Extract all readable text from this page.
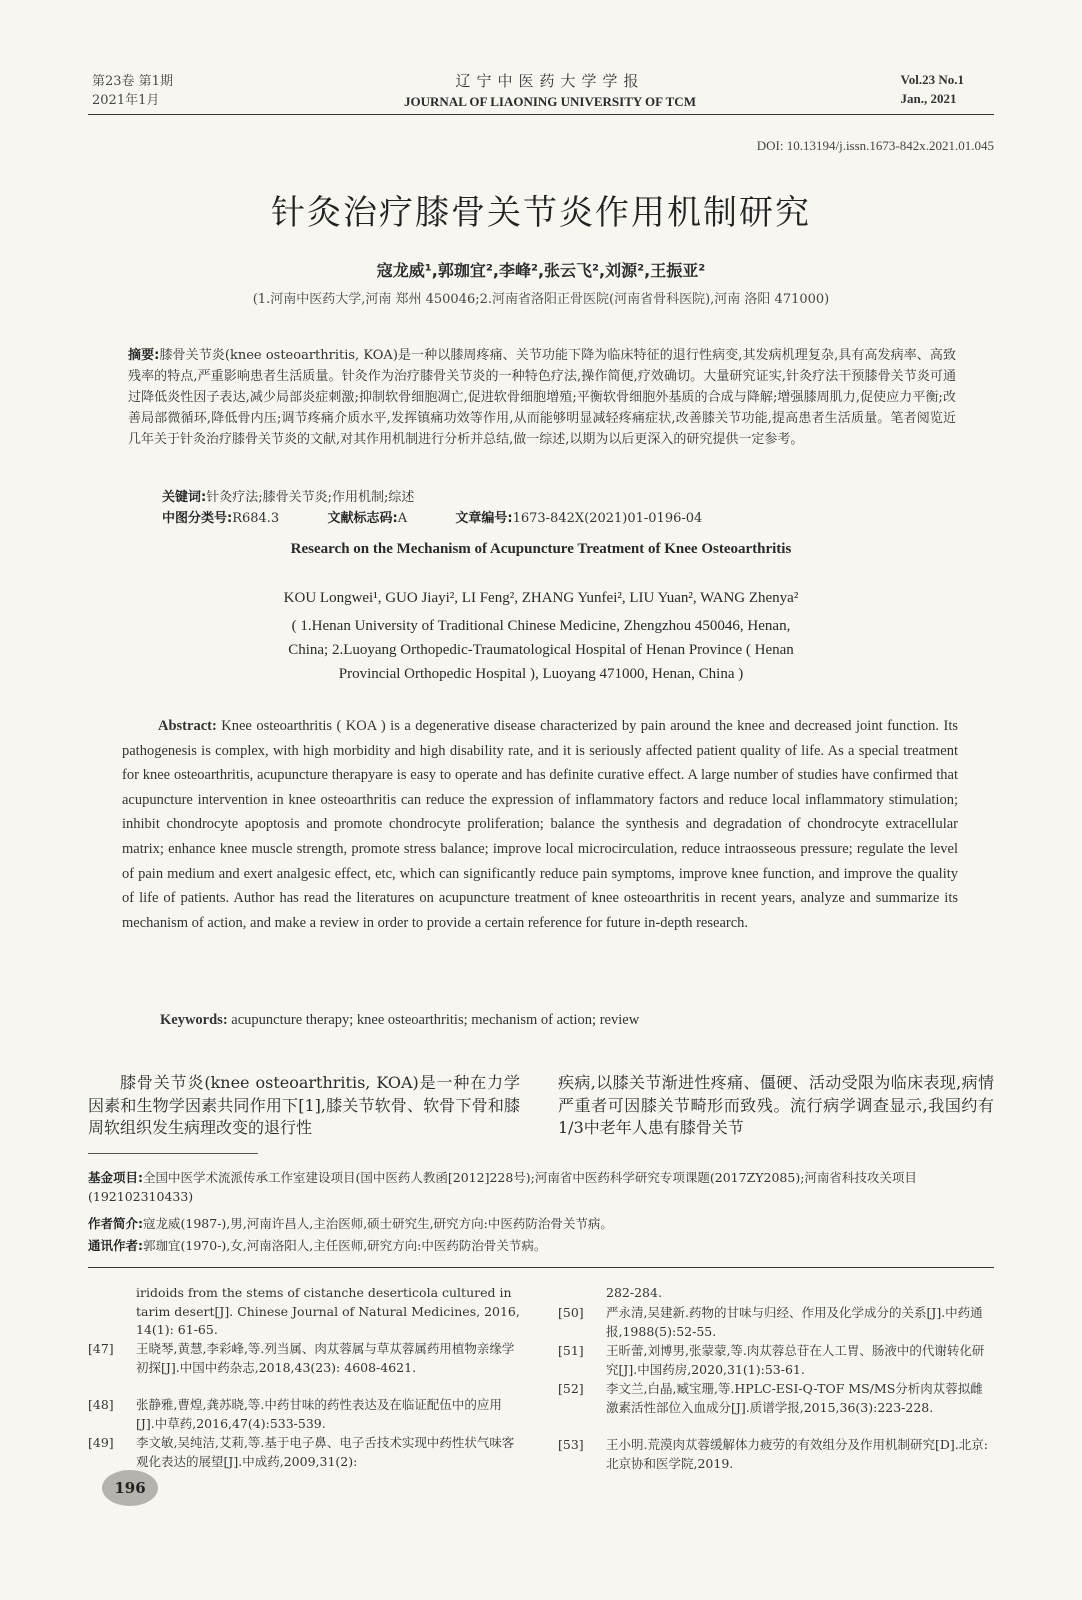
第23卷 第1期
2021年1月
辽宁中医药大学学报
JOURNAL OF LIAONING UNIVERSITY OF TCM
Vol.23 No.1
Jan., 2021
DOI: 10.13194/j.issn.1673-842x.2021.01.045
针灸治疗膝骨关节炎作用机制研究
寇龙威¹,郭珈宜²,李峰²,张云飞²,刘源²,王振亚²
(1.河南中医药大学,河南 郑州 450046;2.河南省洛阳正骨医院(河南省骨科医院),河南 洛阳 471000)
摘要:膝骨关节炎(knee osteoarthritis, KOA)是一种以膝周疼痛、关节功能下降为临床特征的退行性病变,其发病机理复杂,具有高发病率、高致残率的特点,严重影响患者生活质量。针灸作为治疗膝骨关节炎的一种特色疗法,操作简便,疗效确切。大量研究证实,针灸疗法干预膝骨关节炎可通过降低炎性因子表达,减少局部炎症刺激;抑制软骨细胞凋亡,促进软骨细胞增殖;平衡软骨细胞外基质的合成与降解;增强膝周肌力,促使应力平衡;改善局部微循环,降低骨内压;调节疼痛介质水平,发挥镇痛功效等作用,从而能够明显减轻疼痛症状,改善膝关节功能,提高患者生活质量。笔者阅览近几年关于针灸治疗膝骨关节炎的文献,对其作用机制进行分析并总结,做一综述,以期为以后更深入的研究提供一定参考。
关键词:针灸疗法;膝骨关节炎;作用机制;综述
中图分类号:R684.3	文献标志码:A	文章编号:1673-842X(2021)01-0196-04
Research on the Mechanism of Acupuncture Treatment of Knee Osteoarthritis
KOU Longwei¹, GUO Jiayi², LI Feng², ZHANG Yunfei², LIU Yuan², WANG Zhenya²
( 1.Henan University of Traditional Chinese Medicine, Zhengzhou 450046, Henan,
China; 2.Luoyang Orthopedic-Traumatological Hospital of Henan Province ( Henan
Provincial Orthopedic Hospital ), Luoyang 471000, Henan, China )
Abstract: Knee osteoarthritis ( KOA ) is a degenerative disease characterized by pain around the knee and decreased joint function. Its pathogenesis is complex, with high morbidity and high disability rate, and it is seriously affected patient quality of life. As a special treatment for knee osteoarthritis, acupuncture therapyare is easy to operate and has definite curative effect. A large number of studies have confirmed that acupuncture intervention in knee osteoarthritis can reduce the expression of inflammatory factors and reduce local inflammatory stimulation; inhibit chondrocyte apoptosis and promote chondrocyte proliferation; balance the synthesis and degradation of chondrocyte extracellular matrix; enhance knee muscle strength, promote stress balance; improve local microcirculation, reduce intraosseous pressure; regulate the level of pain medium and exert analgesic effect, etc, which can significantly reduce pain symptoms, improve knee function, and improve the quality of life of patients. Author has read the literatures on acupuncture treatment of knee osteoarthritis in recent years, analyze and summarize its mechanism of action, and make a review in order to provide a certain reference for future in-depth research.
Keywords: acupuncture therapy; knee osteoarthritis; mechanism of action; review
膝骨关节炎(knee osteoarthritis, KOA)是一种在力学因素和生物学因素共同作用下[1],膝关节软骨、软骨下骨和膝周软组织发生病理改变的退行性
疾病,以膝关节渐进性疼痛、僵硬、活动受限为临床表现,病情严重者可因膝关节畸形而致残。流行病学调查显示,我国约有1/3中老年人患有膝骨关节
基金项目:全国中医学术流派传承工作室建设项目(国中医药人教函[2012]228号);河南省中医药科学研究专项课题(2017ZY2085);河南省科技攻关项目(192102310433)
作者简介:寇龙威(1987-),男,河南许昌人,主治医师,硕士研究生,研究方向:中医药防治骨关节病。
通讯作者:郭珈宜(1970-),女,河南洛阳人,主任医师,研究方向:中医药防治骨关节病。
iridoids from the stems of cistanche deserticola cultured in tarim desert[J]. Chinese Journal of Natural Medicines, 2016, 14(1): 61-65.
[47]	王晓琴,黄慧,李彩峰,等.列当属、肉苁蓉属与草苁蓉属药用植物亲缘学初探[J].中国中药杂志,2018,43(23): 4608-4621.
[48]	张静雅,曹煌,龚苏晓,等.中药甘味的药性表达及在临证配伍中的应用[J].中草药,2016,47(4):533-539.
[49]	李文敏,吴纯洁,艾莉,等.基于电子鼻、电子舌技术实现中药性状气味客观化表达的展望[J].中成药,2009,31(2):
282-284.
[50]	严永清,吴建新.药物的甘味与归经、作用及化学成分的关系[J].中药通报,1988(5):52-55.
[51]	王昕蕾,刘博男,张蒙蒙,等.肉苁蓉总苷在人工胃、肠液中的代谢转化研究[J].中国药房,2020,31(1):53-61.
[52]	李文兰,白晶,臧宝珊,等.HPLC-ESI-Q-TOF MS/MS分析肉苁蓉拟雌激素活性部位入血成分[J].质谱学报,2015,36(3):223-228.
[53]	王小明.荒漠肉苁蓉缓解体力疲劳的有效组分及作用机制研究[D].北京:北京协和医学院,2019.
196
